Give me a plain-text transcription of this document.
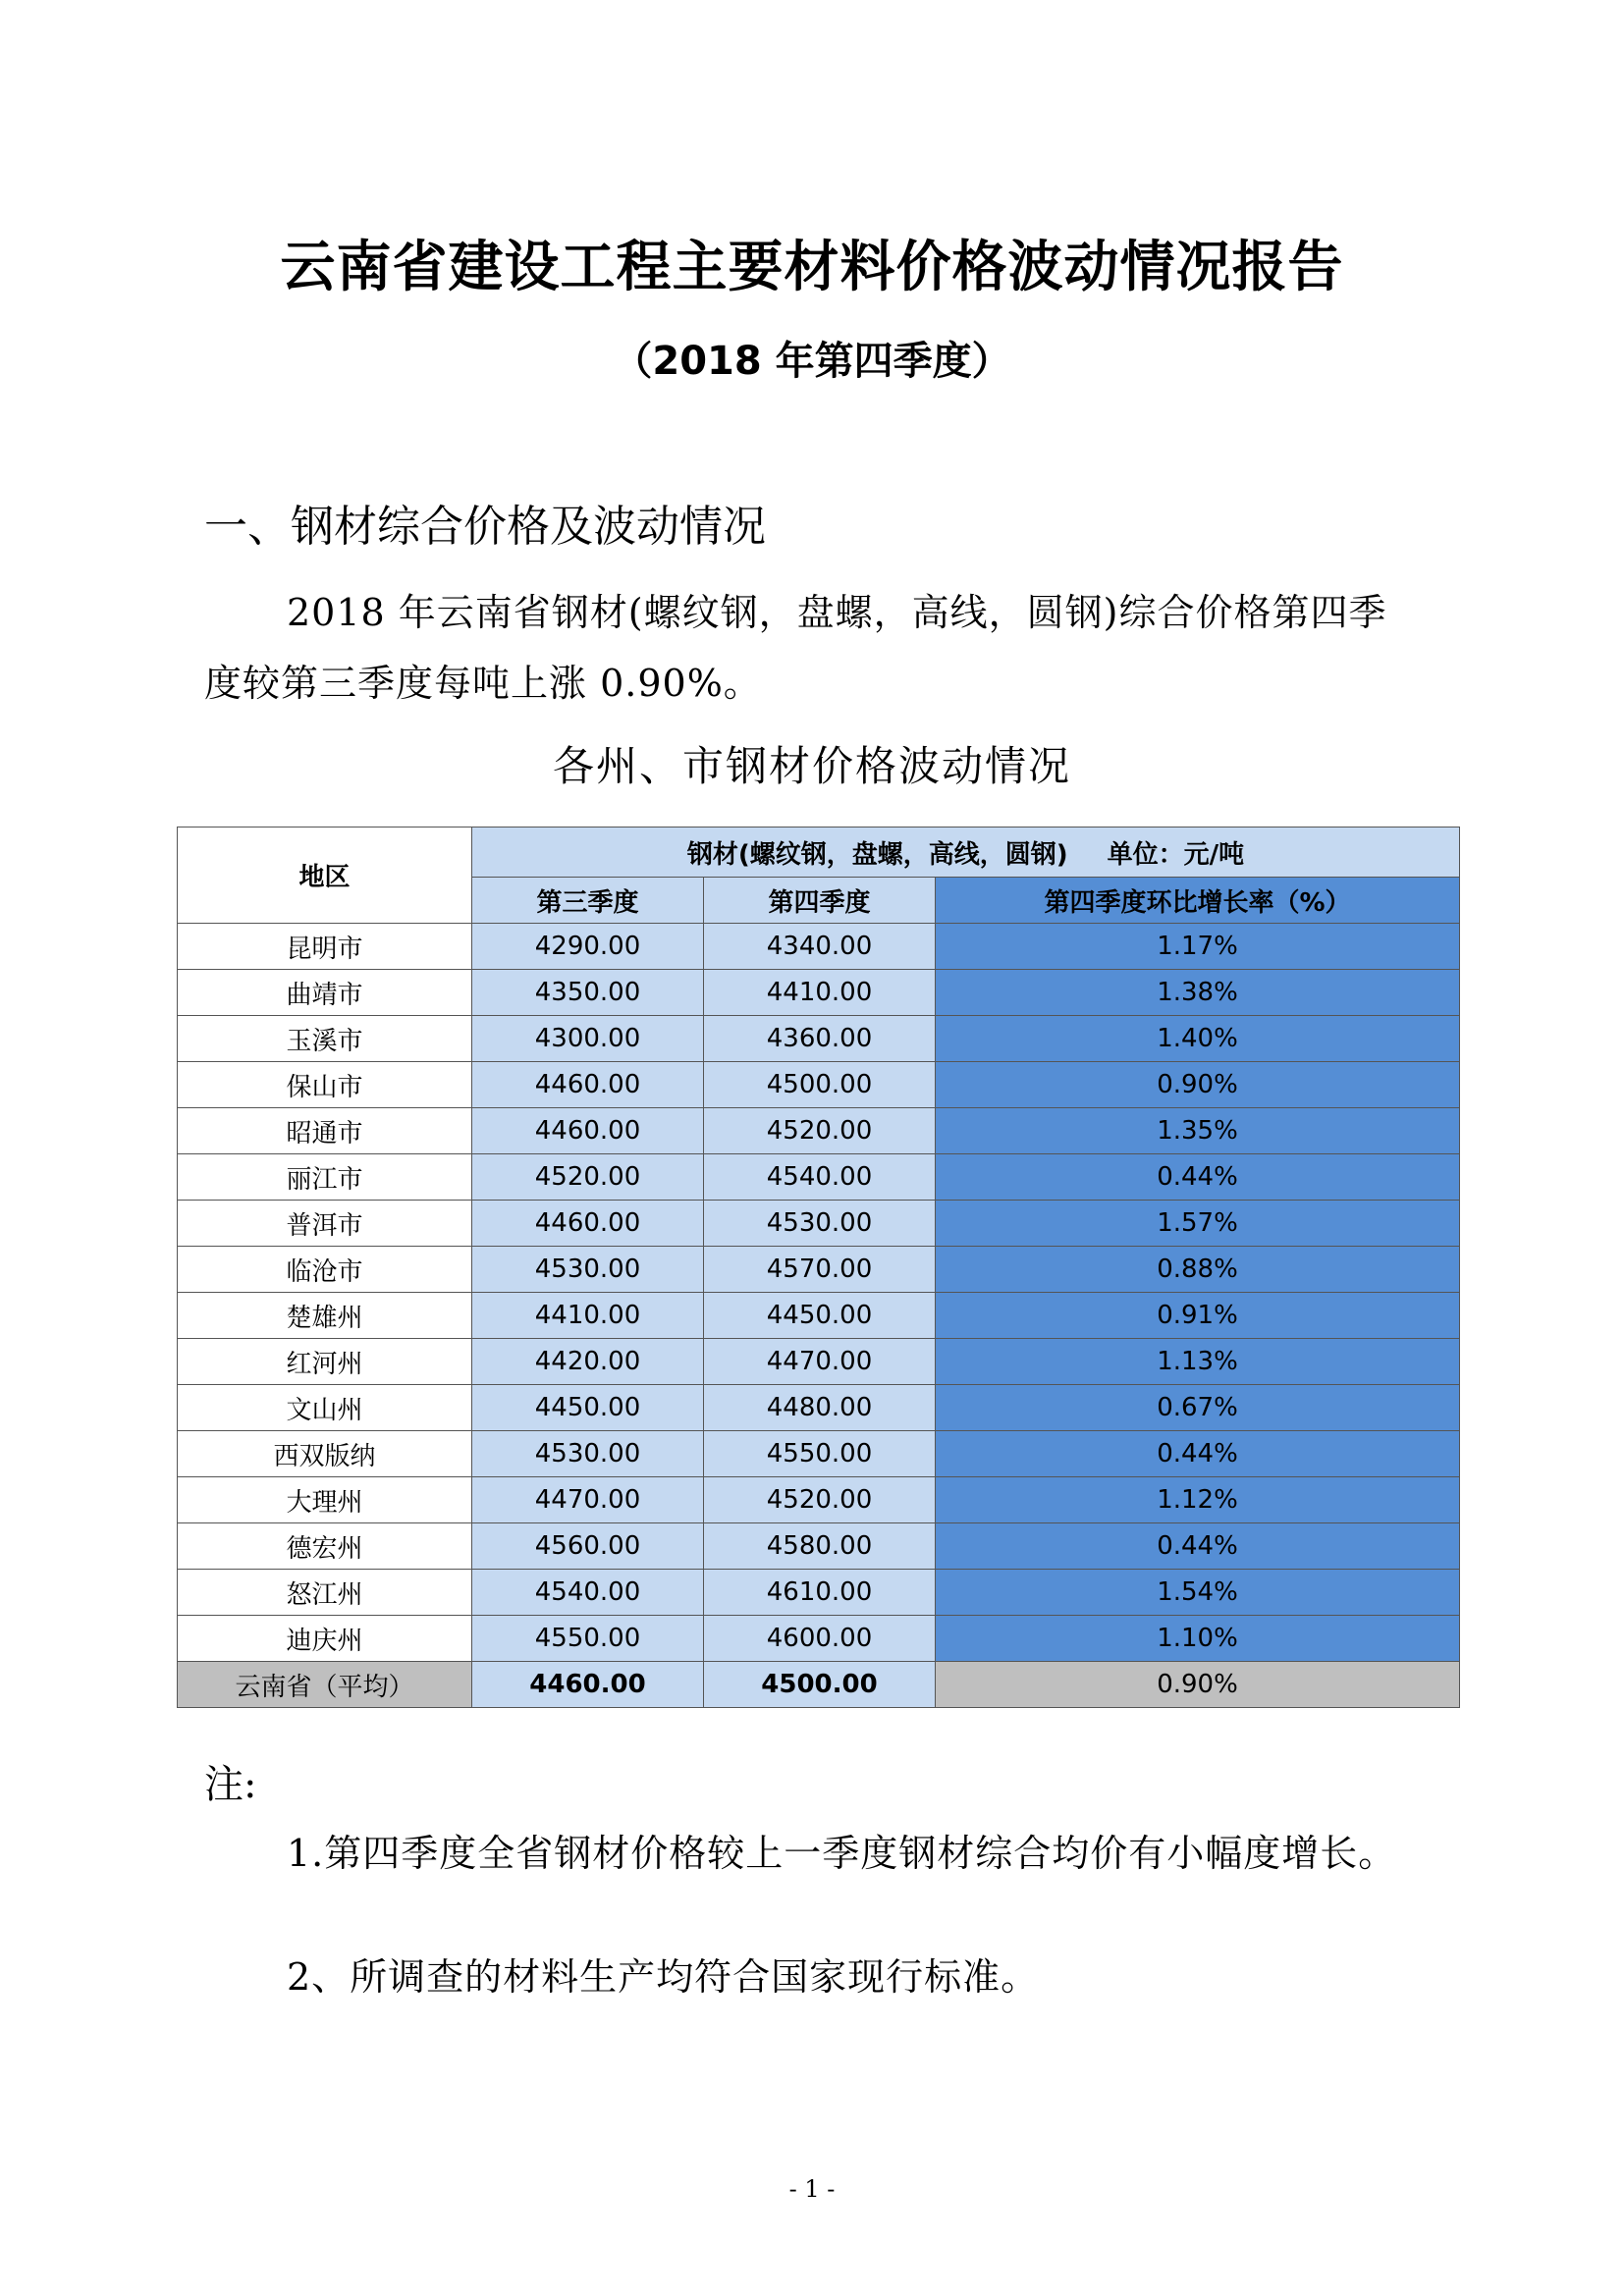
云南省建设工程主要材料价格波动情况报告
（2018 年第四季度）
一、钢材综合价格及波动情况

2018 年云南省钢材(螺纹钢，盘螺，高线，圆钢)综合价格第四季度较第三季度每吨上涨 0.90%。

各州、市钢材价格波动情况

地区	钢材(螺纹钢，盘螺，高线，圆钢) 单位：元/吨		
	第三季度	第四季度	第四季度环比增长率（%）
昆明市	4290.00	4340.00	1.17%
曲靖市	4350.00	4410.00	1.38%
玉溪市	4300.00	4360.00	1.40%
保山市	4460.00	4500.00	0.90%
昭通市	4460.00	4520.00	1.35%
丽江市	4520.00	4540.00	0.44%
普洱市	4460.00	4530.00	1.57%
临沧市	4530.00	4570.00	0.88%
楚雄州	4410.00	4450.00	0.91%
红河州	4420.00	4470.00	1.13%
文山州	4450.00	4480.00	0.67%
西双版纳	4530.00	4550.00	0.44%
大理州	4470.00	4520.00	1.12%
德宏州	4560.00	4580.00	0.44%
怒江州	4540.00	4610.00	1.54%
迪庆州	4550.00	4600.00	1.10%
云南省（平均）	4460.00	4500.00	0.90%

注:

1.第四季度全省钢材价格较上一季度钢材综合均价有小幅度增长。

2、所调查的材料生产均符合国家现行标准。

- 1 -
